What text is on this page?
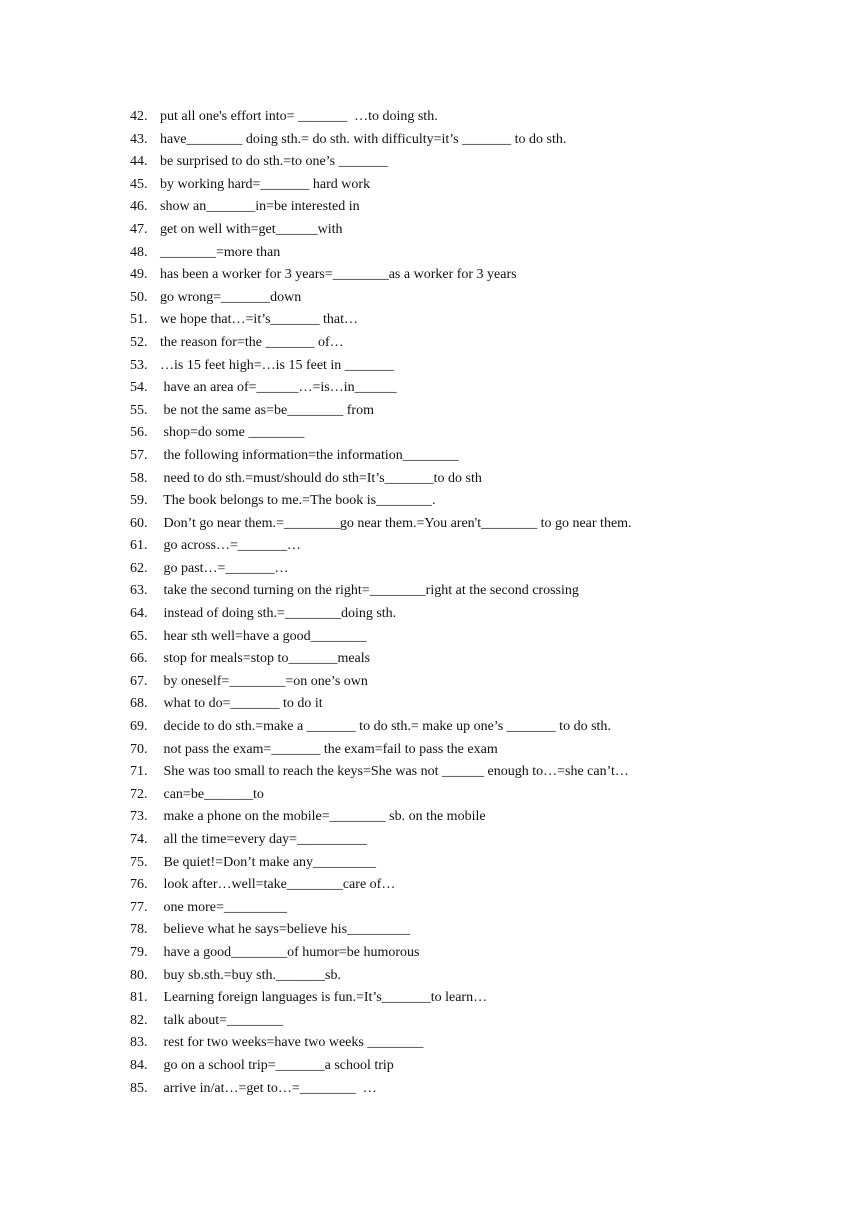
42. put all one's effort into= _______  …to doing sth.
43. have________ doing sth.= do sth. with difficulty=it’s _______ to do sth.
44. be surprised to do sth.=to one’s _______
45. by working hard=_______ hard work
46. show an_______in=be interested in
47. get on well with=get______with
48. ________=more than
49. has been a worker for 3 years=________as a worker for 3 years
50. go wrong=_______down
51. we hope that…=it’s_______ that…
52. the reason for=the _______ of…
53. …is 15 feet high=…is 15 feet in _______
54. have an area of=______…=is…in______
55. be not the same as=be________ from
56. shop=do some ________
57. the following information=the information________
58. need to do sth.=must/should do sth=It’s_______to do sth
59. The book belongs to me.=The book is________.
60. Don’t go near them.=________go near them.=You aren't________ to go near them.
61. go across…=_______…
62. go past…=_______…
63. take the second turning on the right=________right at the second crossing
64. instead of doing sth.=________doing sth.
65. hear sth well=have a good________
66. stop for meals=stop to_______meals
67. by oneself=________=on one’s own
68. what to do=_______ to do it
69. decide to do sth.=make a _______ to do sth.= make up one’s _______ to do sth.
70. not pass the exam=_______ the exam=fail to pass the exam
71. She was too small to reach the keys=She was not ______ enough to…=she can’t…
72. can=be_______to
73. make a phone on the mobile=________ sb. on the mobile
74. all the time=every day=__________
75. Be quiet!=Don’t make any_________
76. look after…well=take________care of…
77. one more=_________
78. believe what he says=believe his_________
79. have a good________of humor=be humorous
80. buy sb.sth.=buy sth._______sb.
81. Learning foreign languages is fun.=It’s_______to learn…
82. talk about=________
83. rest for two weeks=have two weeks ________
84. go on a school trip=_______a school trip
85. arrive in/at…=get to…=________  …
